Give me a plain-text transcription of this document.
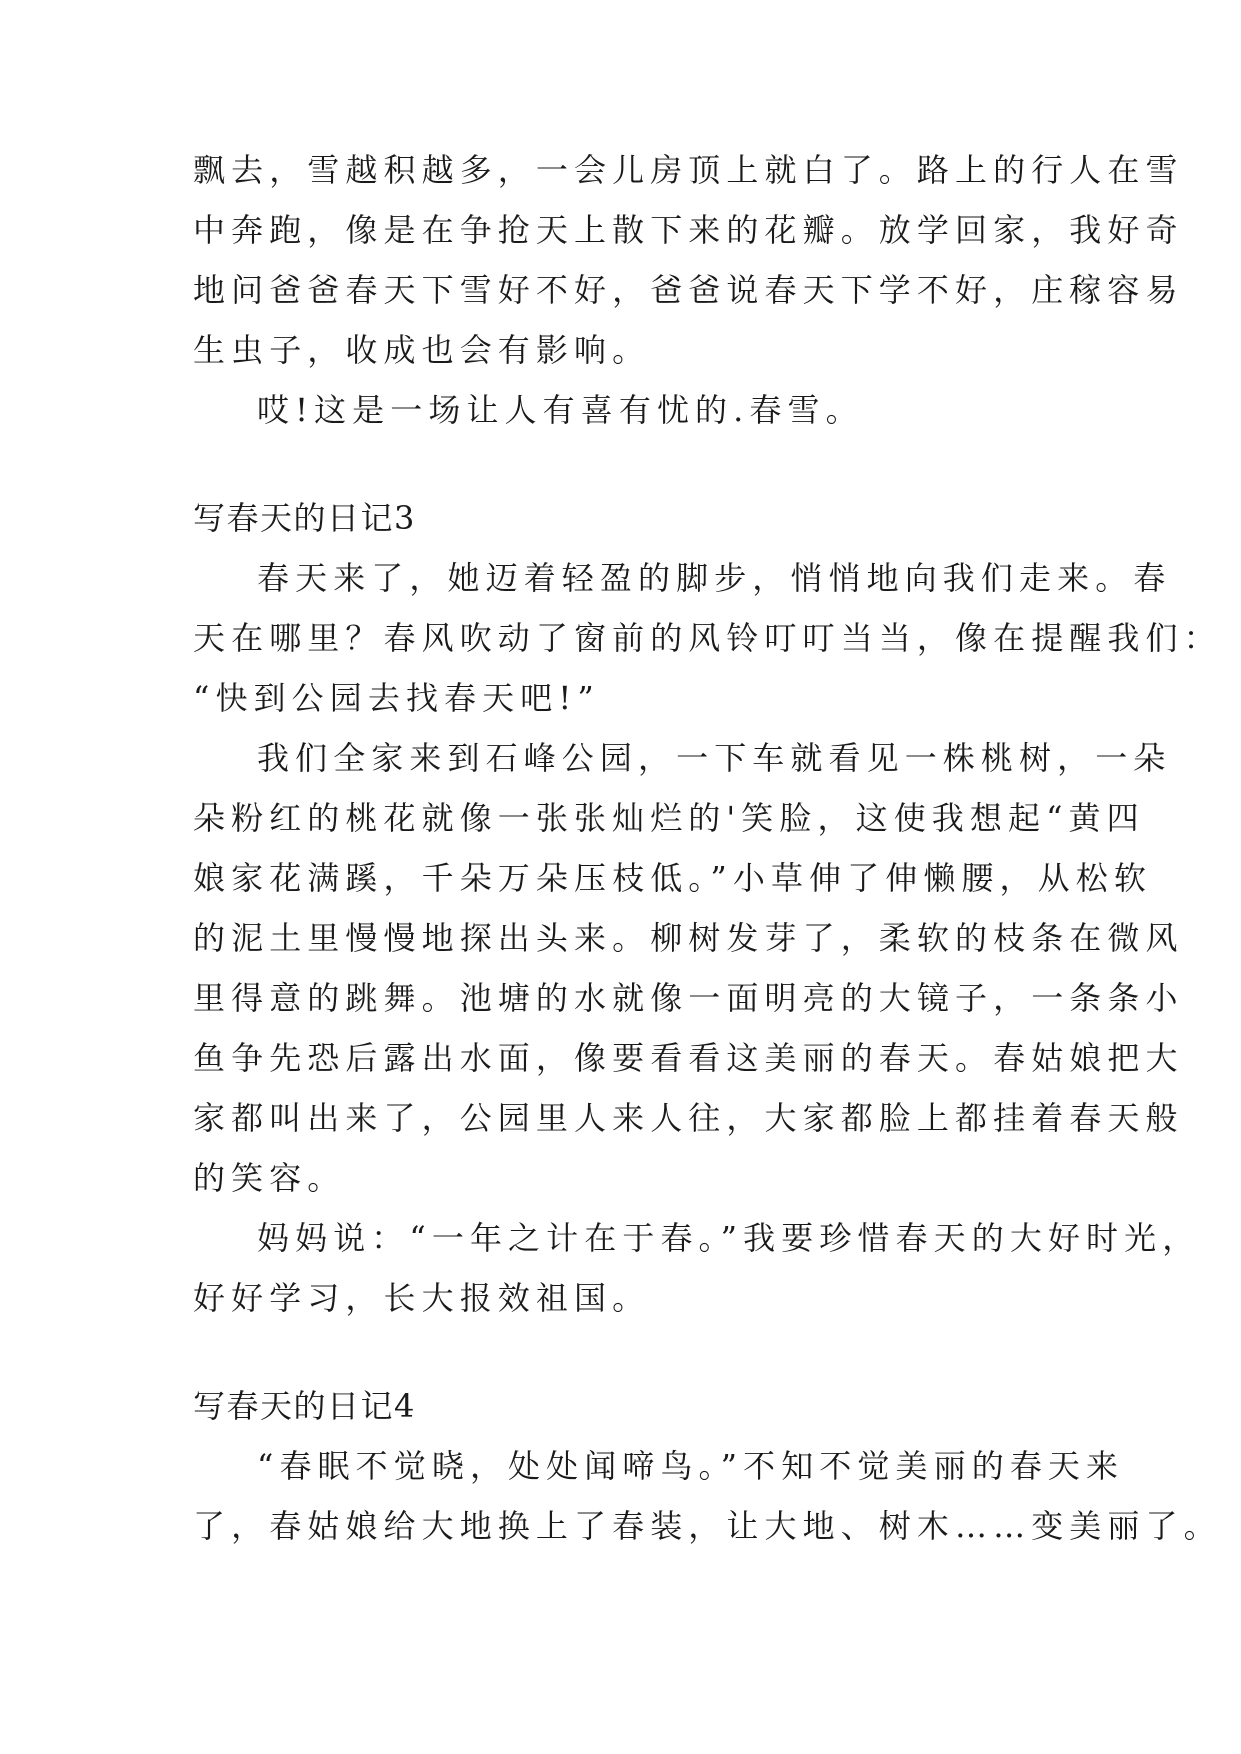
飘去，雪越积越多，一会儿房顶上就白了。路上的行人在雪
中奔跑，像是在争抢天上散下来的花瓣。放学回家，我好奇
地问爸爸春天下雪好不好，爸爸说春天下学不好，庄稼容易
生虫子，收成也会有影响。
哎!这是一场让人有喜有忧的.春雪。
写春天的日记3
春天来了，她迈着轻盈的脚步，悄悄地向我们走来。春
天在哪里？春风吹动了窗前的风铃叮叮当当，像在提醒我们：
“快到公园去找春天吧!”
我们全家来到石峰公园，一下车就看见一株桃树，一朵
朵粉红的桃花就像一张张灿烂的'笑脸，这使我想起“黄四
娘家花满蹊，千朵万朵压枝低。”小草伸了伸懒腰，从松软
的泥土里慢慢地探出头来。柳树发芽了，柔软的枝条在微风
里得意的跳舞。池塘的水就像一面明亮的大镜子，一条条小
鱼争先恐后露出水面，像要看看这美丽的春天。春姑娘把大
家都叫出来了，公园里人来人往，大家都脸上都挂着春天般
的笑容。
妈妈说：“一年之计在于春。”我要珍惜春天的大好时光，
好好学习，长大报效祖国。
写春天的日记4
“春眠不觉晓，处处闻啼鸟。”不知不觉美丽的春天来
了，春姑娘给大地换上了春装，让大地、树木……变美丽了。
